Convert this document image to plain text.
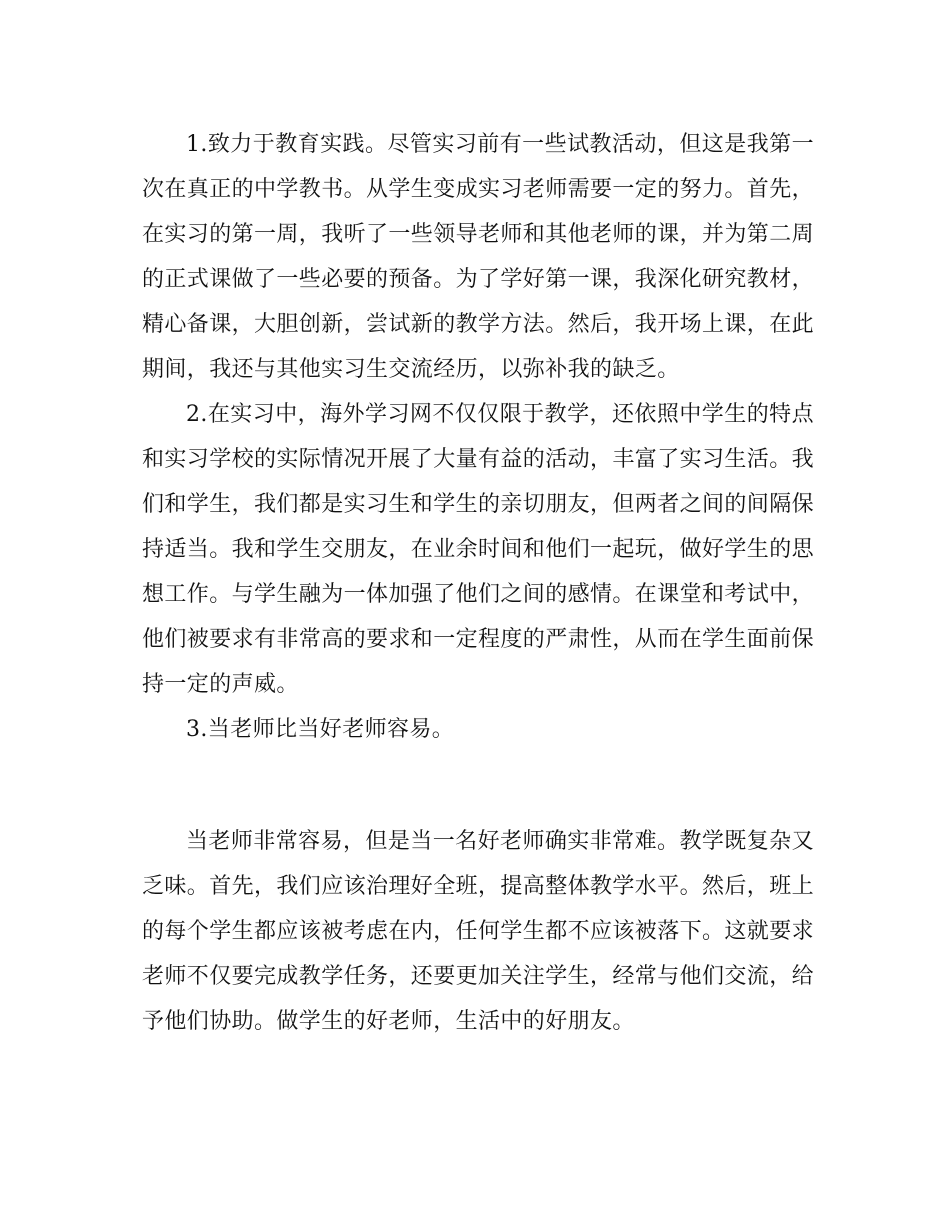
1.致力于教育实践。尽管实习前有一些试教活动，但这是我第一次在真正的中学教书。从学生变成实习老师需要一定的努力。首先，在实习的第一周，我听了一些领导老师和其他老师的课，并为第二周的正式课做了一些必要的预备。为了学好第一课，我深化研究教材，精心备课，大胆创新，尝试新的教学方法。然后，我开场上课，在此期间，我还与其他实习生交流经历，以弥补我的缺乏。

2.在实习中，海外学习网不仅仅限于教学，还依照中学生的特点和实习学校的实际情况开展了大量有益的活动，丰富了实习生活。我们和学生，我们都是实习生和学生的亲切朋友，但两者之间的间隔保持适当。我和学生交朋友，在业余时间和他们一起玩，做好学生的思想工作。与学生融为一体加强了他们之间的感情。在课堂和考试中，他们被要求有非常高的要求和一定程度的严肃性，从而在学生面前保持一定的声威。

3.当老师比当好老师容易。

当老师非常容易，但是当一名好老师确实非常难。教学既复杂又乏味。首先，我们应该治理好全班，提高整体教学水平。然后，班上的每个学生都应该被考虑在内，任何学生都不应该被落下。这就要求老师不仅要完成教学任务，还要更加关注学生，经常与他们交流，给予他们协助。做学生的好老师，生活中的好朋友。
